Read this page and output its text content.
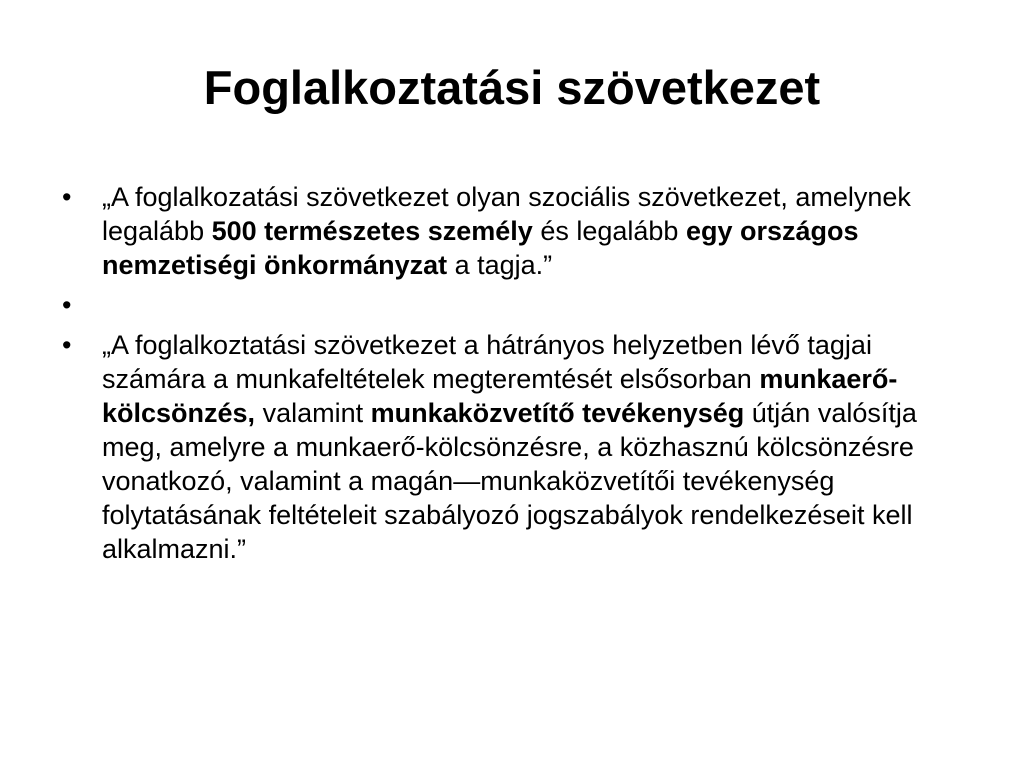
Foglalkoztatási szövetkezet
• „A foglalkozatási szövetkezet olyan szociális szövetkezet, amelynek legalább 500 természetes személy és legalább egy országos nemzetiségi önkormányzat a tagja.”
•
• „A foglalkoztatási szövetkezet a hátrányos helyzetben lévő tagjai számára a munkafeltételek megteremtését elsősorban munkaerő-kölcsönzés, valamint munkaközvetítő tevékenység útján valósítja meg, amelyre a munkaerő-kölcsönzésre, a közhasznú kölcsönzésre vonatkozó, valamint a magán—munkaközvetítői tevékenység folytatásának feltételeit szabályozó jogszabályok rendelkezéseit kell alkalmazni.”
